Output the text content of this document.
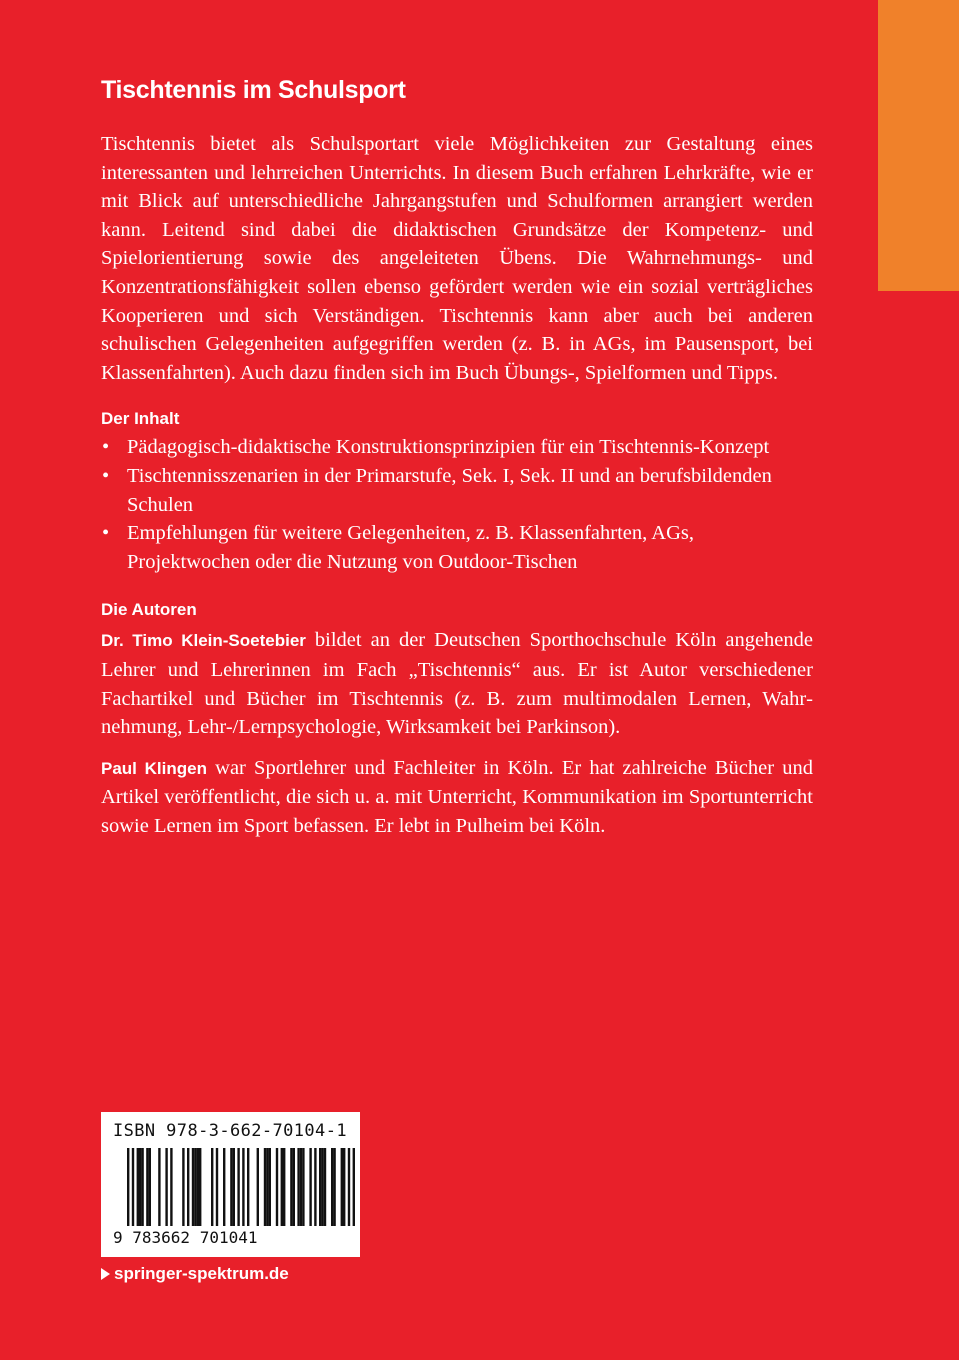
Tischtennis im Schulsport

Tischtennis bietet als Schulsportart viele Möglichkeiten zur Gestaltung eines interessanten und lehrreichen Unterrichts. In diesem Buch erfahren Lehrkräfte, wie er mit Blick auf unterschiedliche Jahrgangstufen und Schulformen arrangiert werden kann. Leitend sind dabei die didaktischen Grundsätze der Kompetenz- und Spielorientierung sowie des angeleiteten Übens. Die Wahrnehmungs- und Konzentrationsfähigkeit sollen ebenso gefördert werden wie ein sozial verträgliches Kooperieren und sich Verständigen. Tischtennis kann aber auch bei anderen schulischen Gelegenheiten aufgegriffen werden (z. B. in AGs, im Pausensport, bei Klassenfahrten). Auch dazu finden sich im Buch Übungs-, Spielformen und Tipps.

Der Inhalt
• Pädagogisch-didaktische Konstruktionsprinzipien für ein Tischtennis-Konzept
• Tischtennisszenarien in der Primarstufe, Sek. I, Sek. II und an berufsbildenden Schulen
• Empfehlungen für weitere Gelegenheiten, z. B. Klassenfahrten, AGs, Projektwochen oder die Nutzung von Outdoor-Tischen
Die Autoren

Dr. Timo Klein-Soetebier bildet an der Deutschen Sporthochschule Köln angehende Lehrer und Lehrerinnen im Fach „Tischtennis“ aus. Er ist Autor verschiedener Fachartikel und Bücher im Tischtennis (z. B. zum multimodalen Lernen, Wahrnehmung, Lehr-/Lernpsychologie, Wirksamkeit bei Parkinson).

Paul Klingen war Sportlehrer und Fachleiter in Köln. Er hat zahlreiche Bücher und Artikel veröffentlicht, die sich u. a. mit Unterricht, Kommunikation im Sportunterricht sowie Lernen im Sport befassen. Er lebt in Pulheim bei Köln.

ISBN 978-3-662-70104-1
9 783662 701041
springer-spektrum.de
